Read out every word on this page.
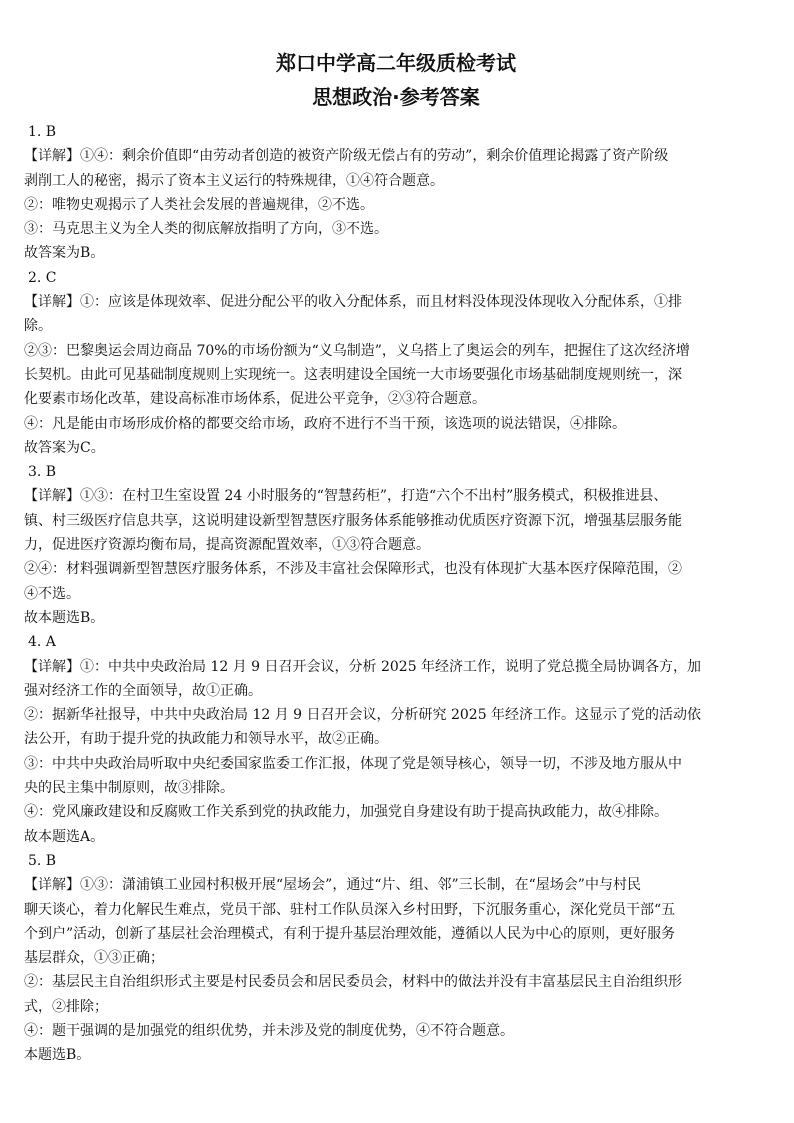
郑口中学高二年级质检考试
思想政治·参考答案

1. B

【详解】①④：剩余价值即“由劳动者创造的被资产阶级无偿占有的劳动”，剩余价值理论揭露了资产阶级

剥削工人的秘密，揭示了资本主义运行的特殊规律，①④符合题意。

②：唯物史观揭示了人类社会发展的普遍规律，②不选。

③：马克思主义为全人类的彻底解放指明了方向，③不选。

故答案为B。

2. C

【详解】①：应该是体现效率、促进分配公平的收入分配体系，而且材料没体现没体现收入分配体系，①排

除。

②③：巴黎奥运会周边商品 70%的市场份额为“义乌制造”，义乌搭上了奥运会的列车，把握住了这次经济增

长契机。由此可见基础制度规则上实现统一。这表明建设全国统一大市场要强化市场基础制度规则统一，深

化要素市场化改革，建设高标准市场体系，促进公平竞争，②③符合题意。

④：凡是能由市场形成价格的都要交给市场，政府不进行不当干预，该选项的说法错误，④排除。

故答案为C。

3. B

【详解】①③：在村卫生室设置 24 小时服务的“智慧药柜”，打造“六个不出村”服务模式，积极推进县、

镇、村三级医疗信息共享，这说明建设新型智慧医疗服务体系能够推动优质医疗资源下沉，增强基层服务能

力，促进医疗资源均衡布局，提高资源配置效率，①③符合题意。

②④：材料强调新型智慧医疗服务体系，不涉及丰富社会保障形式，也没有体现扩大基本医疗保障范围，②

④不选。

故本题选B。

4. A

【详解】①：中共中央政治局 12 月 9 日召开会议，分析 2025 年经济工作，说明了党总揽全局协调各方，加

强对经济工作的全面领导，故①正确。

②：据新华社报导，中共中央政治局 12 月 9 日召开会议，分析研究 2025 年经济工作。这显示了党的活动依

法公开，有助于提升党的执政能力和领导水平，故②正确。

③：中共中央政治局听取中央纪委国家监委工作汇报，体现了党是领导核心，领导一切，不涉及地方服从中

央的民主集中制原则，故③排除。

④：党风廉政建设和反腐败工作关系到党的执政能力，加强党自身建设有助于提高执政能力，故④排除。

故本题选A。

5. B

【详解】①③：潇浦镇工业园村积极开展“屋场会”，通过“片、组、邻”三长制，在“屋场会”中与村民

聊天谈心，着力化解民生难点，党员干部、驻村工作队员深入乡村田野，下沉服务重心，深化党员干部“五

个到户”活动，创新了基层社会治理模式，有利于提升基层治理效能，遵循以人民为中心的原则，更好服务

基层群众，①③正确；

②：基层民主自治组织形式主要是村民委员会和居民委员会，材料中的做法并没有丰富基层民主自治组织形

式，②排除；

④：题干强调的是加强党的组织优势，并未涉及党的制度优势，④不符合题意。

本题选B。
